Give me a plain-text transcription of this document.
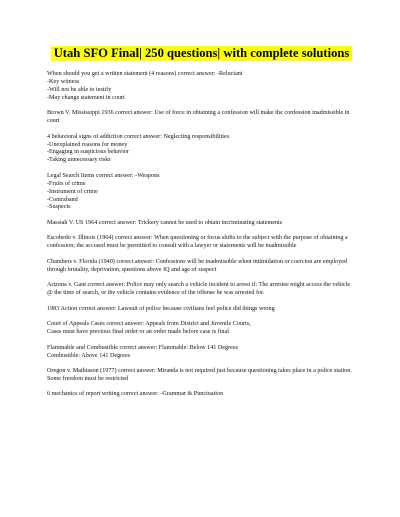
Utah SFO Final| 250 questions| with complete solutions
When should you get a written statement (4 reasons) correct answer: -Reluctant
-Key witness
-Will not be able to testify
-May change statement in court
Brown V. Mississippi 1936 correct answer: Use of force in obtaining a confession will make the confession inadmissible in court
4 behavioral signs of addiction correct answer: Neglecting responsibilities
-Unexplained reasons for money
-Engaging in suspicious behavior
-Taking unnecessary risks
Legal Search Items correct answer: -Weapons
-Fruits of crime
-Instrument of crime
-Contraband
-Suspects
Massiah V. US 1964 correct answer: Trickery cannot be used to obtain incriminating statements
Escobedo v. Illinois (1964) correct answer: When questioning or focus shifts to the subject with the purpose of obtaining a confession; the accused must be permitted to consult with a lawyer or statements will be inadmissible
Chambers v. Florida (1940) correct answer: Confessions will be inadmissible when intimidation or coercion are employed through brutality, deprivation, questions above IQ and age of suspect
Arizona v. Gant correct answer: Police may only search a vehicle incident to arrest if: The arrestee might access the vehicle @ the time of search, or the vehicle contains evidence of the offense he was arrested for.
1983 Action correct answer: Lawsuit of police because civilians feel police did things wrong
Court of Appeals Cases correct answer: Appeals from District and Juvenile Courts,
Cases must have previous final order or an order made before case is final
Flammable and Combustible correct answer: Flammable: Below 141 Degrees
Combustible: Above 141 Degrees
Oregon v. Mathiason (1977) correct answer: Miranda is not required just because questioning takes place in a police station. Some freedom must be restricted
6 mechanics of report writing correct answer: -Grammar & Punctuation
